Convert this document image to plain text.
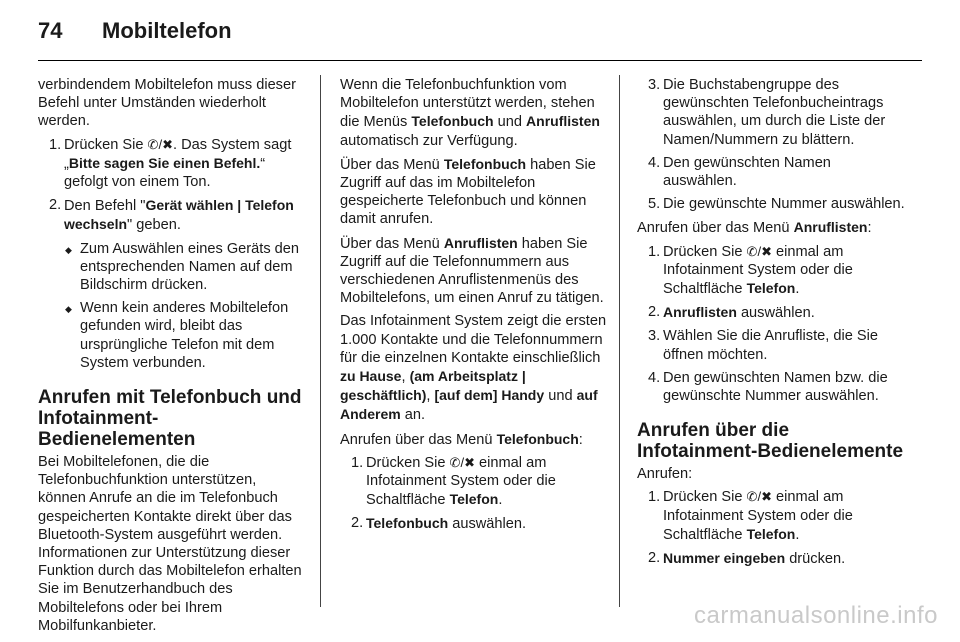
74 Mobiltelefon

verbindendem Mobiltelefon muss dieser Befehl unter Umständen wiederholt werden.

1. Drücken Sie ✆/✖. Das System sagt „Bitte sagen Sie einen Befehl.“ gefolgt von einem Ton.
2. Den Befehl "Gerät wählen | Telefon wechseln" geben.
◆ Zum Auswählen eines Geräts den entsprechenden Namen auf dem Bildschirm drücken.
◆ Wenn kein anderes Mobiltelefon gefunden wird, bleibt das ursprüngliche Telefon mit dem System verbunden.
Anrufen mit Telefonbuch und Infotainment-Bedienelementen

Bei Mobiltelefonen, die die Telefonbuchfunktion unterstützen, können Anrufe an die im Telefonbuch gespeicherten Kontakte direkt über das Bluetooth-System ausgeführt werden. Informationen zur Unterstützung dieser Funktion durch das Mobiltelefon erhalten Sie im Benutzerhandbuch des Mobiltelefons oder bei Ihrem Mobilfunkanbieter.

Wenn die Telefonbuchfunktion vom Mobiltelefon unterstützt werden, stehen die Menüs Telefonbuch und Anruflisten automatisch zur Verfügung.

Über das Menü Telefonbuch haben Sie Zugriff auf das im Mobiltelefon gespeicherte Telefonbuch und können damit anrufen.

Über das Menü Anruflisten haben Sie Zugriff auf die Telefonnummern aus verschiedenen Anruflistenmenüs des Mobiltelefons, um einen Anruf zu tätigen.

Das Infotainment System zeigt die ersten 1.000 Kontakte und die Telefonnummern für die einzelnen Kontakte einschließlich zu Hause, (am Arbeitsplatz | geschäftlich), [auf dem] Handy und auf Anderem an.

Anrufen über das Menü Telefonbuch:

1. Drücken Sie ✆/✖ einmal am Infotainment System oder die Schaltfläche Telefon.
2. Telefonbuch auswählen.
3. Die Buchstabengruppe des gewünschten Telefonbucheintrags auswählen, um durch die Liste der Namen/Nummern zu blättern.
4. Den gewünschten Namen auswählen.
5. Die gewünschte Nummer auswählen.

Anrufen über das Menü Anruflisten:

1. Drücken Sie ✆/✖ einmal am Infotainment System oder die Schaltfläche Telefon.
2. Anruflisten auswählen.
3. Wählen Sie die Anrufliste, die Sie öffnen möchten.
4. Den gewünschten Namen bzw. die gewünschte Nummer auswählen.
Anrufen über die Infotainment-Bedienelemente

Anrufen:

1. Drücken Sie ✆/✖ einmal am Infotainment System oder die Schaltfläche Telefon.
2. Nummer eingeben drücken.
carmanualsonline.info
